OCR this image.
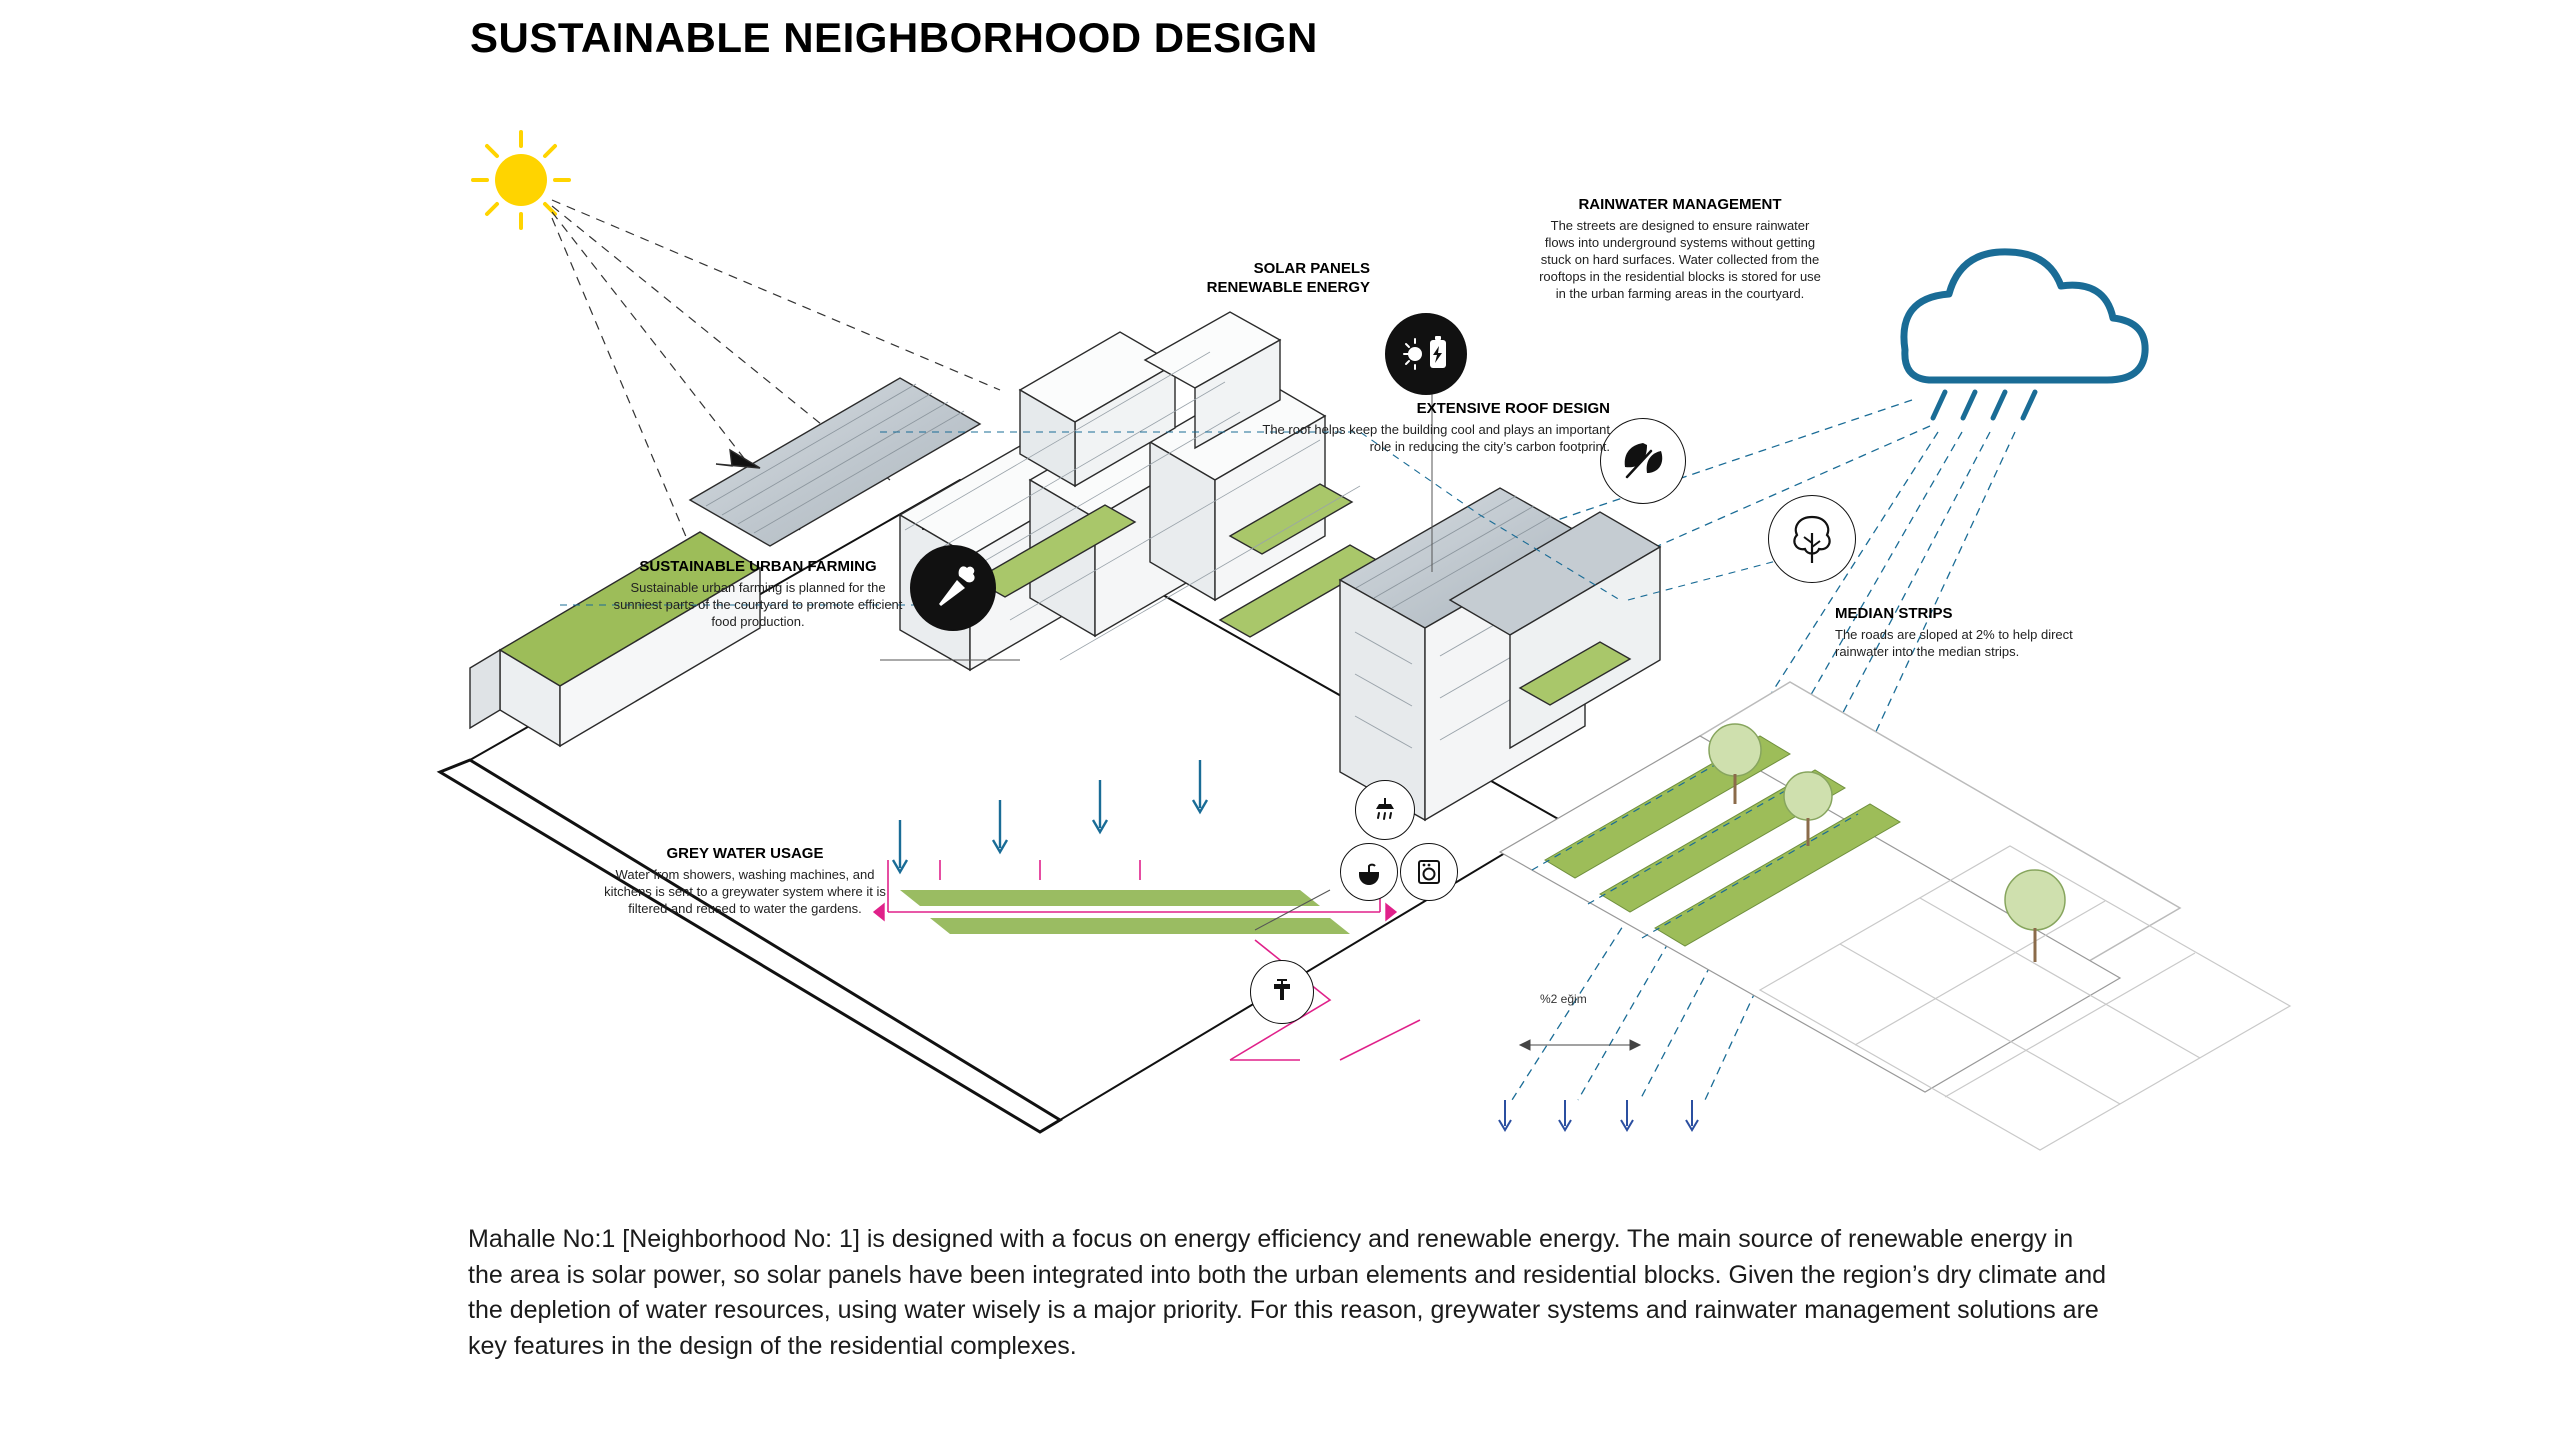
SUSTAINABLE NEIGHBORHOOD DESIGN
SOLAR PANELS
RENEWABLE ENERGY
RAINWATER MANAGEMENT
The streets are designed to ensure rainwater flows into underground systems without getting stuck on hard surfaces. Water collected from the rooftops in the residential blocks is stored for use in the urban farming areas in the courtyard.
EXTENSIVE ROOF DESIGN
The roof helps keep the building cool and plays an important role in reducing the city’s carbon footprint.
SUSTAINABLE URBAN FARMING
Sustainable urban farming is planned for the sunniest parts of the courtyard to promote efficient food production.	MEDIAN STRIPS
The roads are sloped at 2% to help direct rainwater into the median strips.
GREY WATER USAGE
Water from showers, washing machines, and kitchens is sent to a greywater system where it is filtered and reused to water the gardens.
%2 eğim
Mahalle No:1 [Neighborhood No: 1] is designed with a focus on energy efficiency and renewable energy. The main source of renewable energy in the area is solar power, so solar panels have been integrated into both the urban elements and residential blocks. Given the region’s dry climate and the depletion of water resources, using water wisely is a major priority. For this reason, greywater systems and rainwater management solutions are key features in the design of the residential complexes.
